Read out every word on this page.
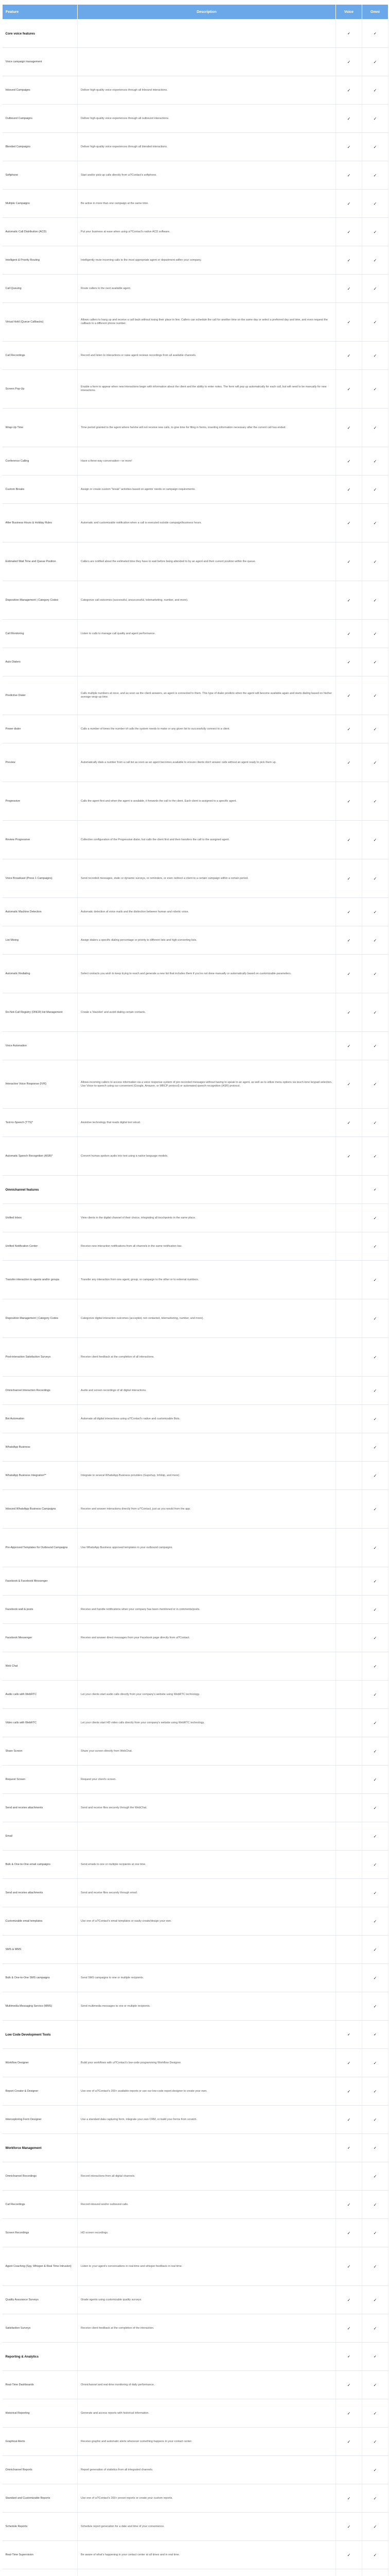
Feature	Description	Voice	Omni
Core voice features		✓	✓
Voice campaign management		✓	✓
Inbound Campaigns	Deliver high-quality voice experiences through all Inbound interactions.	✓	✓
Outbound Campaigns	Deliver high-quality voice experiences through all outbound interactions.	✓	✓
Blended Campaigns	Deliver high-quality voice experiences through all blended interactions.	✓	✓
Softphone	Start and/or pick-up calls directly from ui?Contact's softphone.	✓	✓
Multiple Campaigns	Be active in more than one campaign at the same time.	✓	✓
Automatic Call Distribution (ACD)	Put your business at ease when using ui?Contact's native ACD software.	✓	✓
Intelligent & Priority Routing	Intelligently route incoming calls to the most appropriate agent or department within your company.	✓	✓
Call Queuing	Route callers to the next available agent.	✓	✓
Virtual Hold (Queue Callbacks)	Allows callers to hang up and receive a call back without losing their place in line. Callers can schedule the call for another time on the same day or select a preferred day and time, and even request the callback to a different phone number.	✓	✓
Call Recordings	Record and listen to interactions or raise agent reviews recordings from all available channels.	✓	✓
Screen Pop-Up	Enable a form to appear when new interactions begin with information about the client and the ability to enter notes. The form will pop up automatically for each call, but will need to be manually for new interactions.	✓	✓
Wrap-Up Time	Time period granted to the agent where he/she will not receive new calls, to give time for filing in forms, inserting information necessary after the current call has ended.	✓	✓
Conference Calling	Have a three-way conversation—or more!	✓	✓
Custom Breaks	Assign or create custom "break" activities based on agents' needs or campaign requirements.	✓	✓
After Business Hours & Holiday Rules	Automatic and customizable notification when a call is executed outside campaign/business hours.	✓	✓
Estimated Wait Time and Queue Position	Callers are notified about the estimated time they have to wait before being attended to by an agent and their current position within the queue.	✓	✓
Disposition Management | Category Codes	Categorize call outcomes (successful, unsuccessful, telemarketing, number, and more).	✓	✓
Call Monitoring	Listen to calls to manage call quality and agent performance.	✓	✓
Auto Dialers		✓	✓
Predictive Dialer	Calls multiple numbers at once, and as soon as the client answers, an agent is connected to them. This type of dialer predicts when the agent will become available again and starts dialing based on his/her average wrap-up time.	✓	✓
Power dialer	Calls a number of times the number of calls the system needs to make or any given list to successfully connect to a client.	✓	✓
Preview	Automatically dials a number from a call list as soon as an agent becomes available to ensure clients don't answer calls without an agent ready to pick them up.	✓	✓
Progressive	Calls the agent first and when the agent is available, it forwards the call to the client. Each client is assigned to a specific agent.	✓	✓
Review Progressive	Collective configuration of the Progressive dialer, but calls the client first and then transfers the call to the assigned agent.	✓	✓
Voice Broadcast (Press 1 Campaigns)	Send recorded messages, static or dynamic surveys, or reminders, or even redirect a client to a certain campaign within a certain period.	✓	✓
Automatic Machine Detection	Automatic detection of voice mails and the distinction between human and robotic voice.	✓	✓
List Mixing	Assign dialers a specific dialing percentage or priority to different lists and high-converting lists.	✓	✓
Automatic Redialing	Select contacts you wish to keep trying to reach and generate a new list that includes them if you've not done manually or automatically based on customizable parameters.	✓	✓
Do-Not-Call Registry (DNCR) list Management	Create a 'blacklist' and avoid dialing certain contacts.	✓	✓
Voice Automation		✓	✓
Interactive Voice Response (IVR)	Allows incoming callers to access information via a voice response system of pre-recorded messages without having to speak to an agent, as well as to utilize menu options via touch-tone keypad selection. Use Voice-to-speech using our convenient (Google, Amazon, or MRCP protocol) or automated speech recognition (ASR) protocol.	✓	✓
Text-to-Speech (TTS)*	Assistive technology that reads digital text aloud.	✓	✓
Automatic Speech Recognition (ASR)*	Convert human spoken audio into text using a native language models.	✓	✓
Omnichannel features			✓
Unified Inbox	View clients in the digital channel of their choice, integrating all touchpoints in the same place.		✓
Unified Notification Center	Receive new interaction notifications from all channels in the same notification bar.		✓
Transfer interaction to agents and/or groups	Transfer any interaction from one agent, group, or campaign to the other or to external numbers.		✓
Disposition Management | Category Codes	Categorize digital interaction outcomes (accepted, not contacted, telemarketing, number, and more).		✓
Post-interaction Satisfaction Surveys	Receive client feedback at the completion of all interactions.		✓
Omnichannel Interaction Recordings	Audio and screen recordings of all digital interactions.		✓
Bot Automation	Automate all digital interactions using ui?Contact's native and customizable Bots.		✓
WhatsApp Business			✓
WhatsApp Business Integration**	Integrate to several WhatsApp Business providers (Gupshup, Infobip, and more).		✓
Inbound WhatsApp Business Campaigns	Receive and answer interactions directly from ui?Contact, just as you would from the app.		✓
Pre-Approved Templates for Outbound Campaigns	Use WhatsApp Business approved templates in your outbound campaigns.		✓
Facebook & Facebook Messenger			✓
Facebook wall & posts	Receive and handle notifications when your company has been mentioned or in comments/posts.		✓
Facebook Messenger	Receive and answer direct messages from your Facebook page directly from ui?Contact.		✓
Web Chat			✓
Audio calls with WebRTC	Let your clients start audio calls directly from your company's website using WebRTC technology.		✓
Video calls with WebRTC	Let your clients start HD video calls directly from your company's website using WebRTC technology.		✓
Share Screen	Share your screen directly from WebChat.		✓
Request Screen	Request your client's screen.		✓
Send and receive attachments	Send and receive files securely through the WebChat.		✓
Email			✓
Bulk & One-to-One email campaigns	Send emails to one or multiple recipients at one time.		✓
Send and receive attachments	Send and receive files securely through email.		✓
Customizable email templates	Use one of ui?Contact's email templates or easily create/design your own.		✓
SMS & MMS			✓
Bulk & One-to-One SMS campaigns	Send SMS campaigns to one or multiple recipients.		✓
Multimedia Messaging Service (MMS)	Send multimedia messages to one or multiple recipients.		✓
Low Code Development Tools		✓	✓
Workflow Designer	Build your workflows with ui?Contact's low-code programming Workflow Designer.	✓	✓
Report Creator & Designer	Use one of ui?Contact's 200+ available reports or use our low-code report designer to create your own.	✓	✓
Interceptoring Form Designer	Use a standard data capturing form, integrate your own CRM, or build your forms from scratch.	✓	✓
Workforce Management		✓	✓
Omnichannel Recordings	Record interactions from all digital channels.		✓
Call Recordings	Record inbound and/or outbound calls.	✓	✓
Screen Recordings	HD screen recordings.	✓	✓
Agent Coaching (Spy, Whisper & Real Time Intrusion)	Listen to your agent's conversations in real-time and whisper feedback in real time.	✓	✓
Quality Assurance Surveys	Grade agents using customizable quality surveys.	✓	✓
Satisfaction Surveys	Receive client feedback at the completion of the interaction.	✓	✓
Reporting & Analytics		✓	✓
Real-Time Dashboards	Omnichannel and real-time monitoring of daily performance.	✓	✓
Historical Reporting	Generate and access reports with historical information.	✓	✓
Graphical Alerts	Receive graphic and automatic alerts whenever something happens in your contact center.	✓	✓
Omnichannel Reports	Report generation of statistics from all integrated channels.		✓
Standard and Customizable Reports	Use one of ui?Contact's 200+ preset reports or create your custom reports.	✓	✓
Schedule Reports	Schedule report generation for a date and time of your convenience.	✓	✓
Real-Time Supervision	Be aware of what's happening in your contact center at all times and in real time.	✓	✓
